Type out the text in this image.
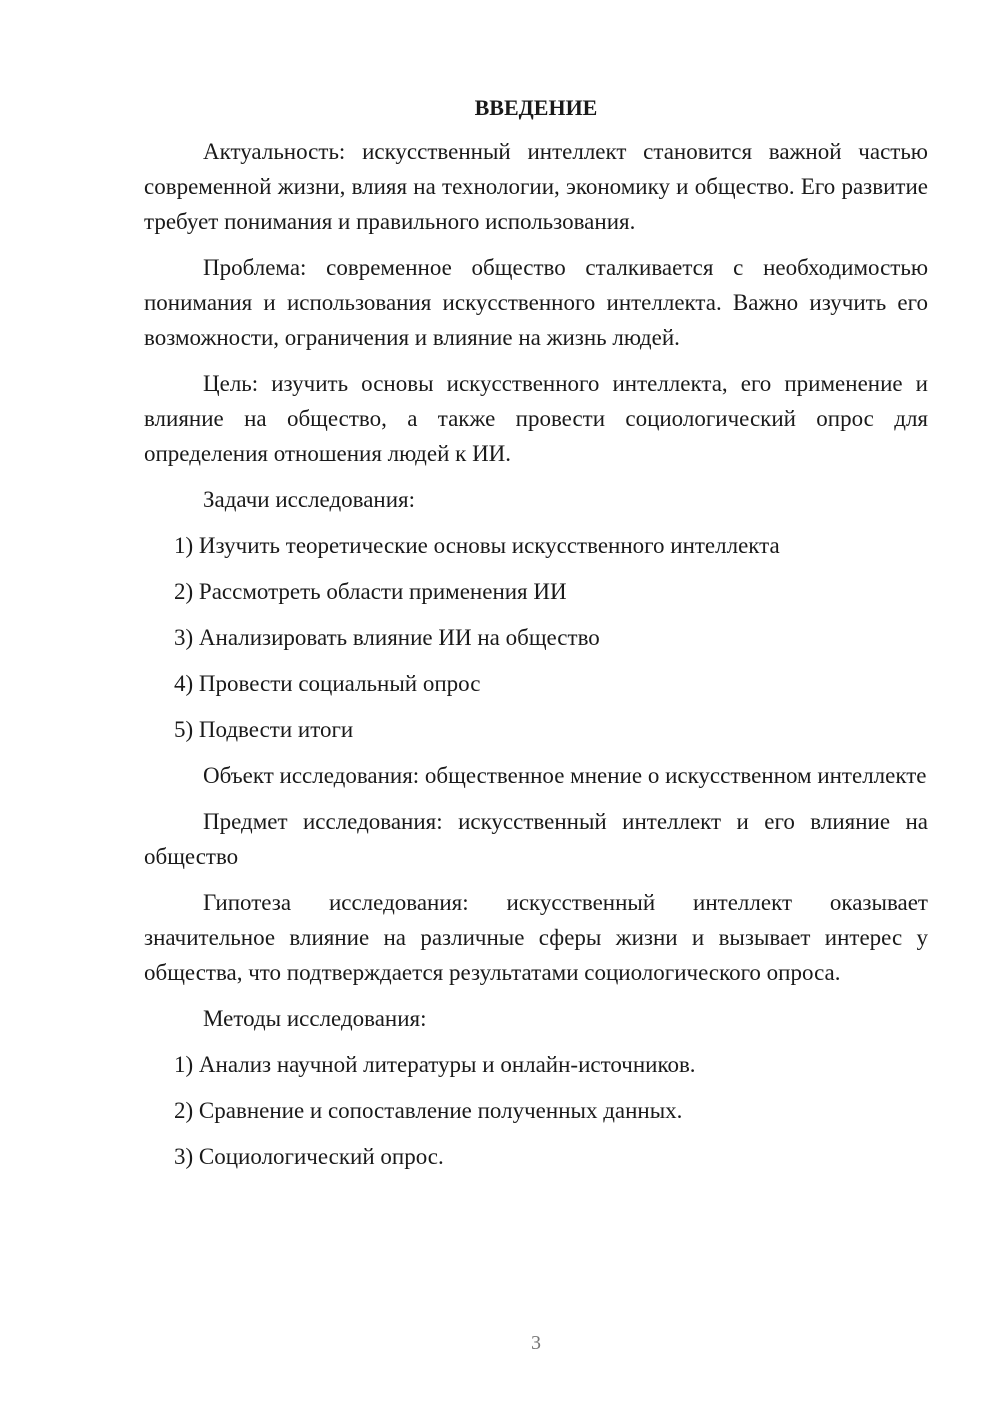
ВВЕДЕНИЕ

Актуальность: искусственный интеллект становится важной частью современной жизни, влияя на технологии, экономику и общество. Его развитие требует понимания и правильного использования.

Проблема: современное общество сталкивается с необходимостью понимания и использования искусственного интеллекта. Важно изучить его возможности, ограничения и влияние на жизнь людей.

Цель: изучить основы искусственного интеллекта, его применение и влияние на общество, а также провести социологический опрос для определения отношения людей к ИИ.

Задачи исследования:

1) Изучить теоретические основы искусственного интеллекта

2) Рассмотреть области применения ИИ

3) Анализировать влияние ИИ на общество

4) Провести социальный опрос

5) Подвести итоги

Объект исследования: общественное мнение о искусственном интеллекте

Предмет исследования: искусственный интеллект и его влияние на общество

Гипотеза исследования: искусственный интеллект оказывает значительное влияние на различные сферы жизни и вызывает интерес у общества, что подтверждается результатами социологического опроса.

Методы исследования:

1) Анализ научной литературы и онлайн-источников.

2) Сравнение и сопоставление полученных данных.

3) Социологический опрос.

3
